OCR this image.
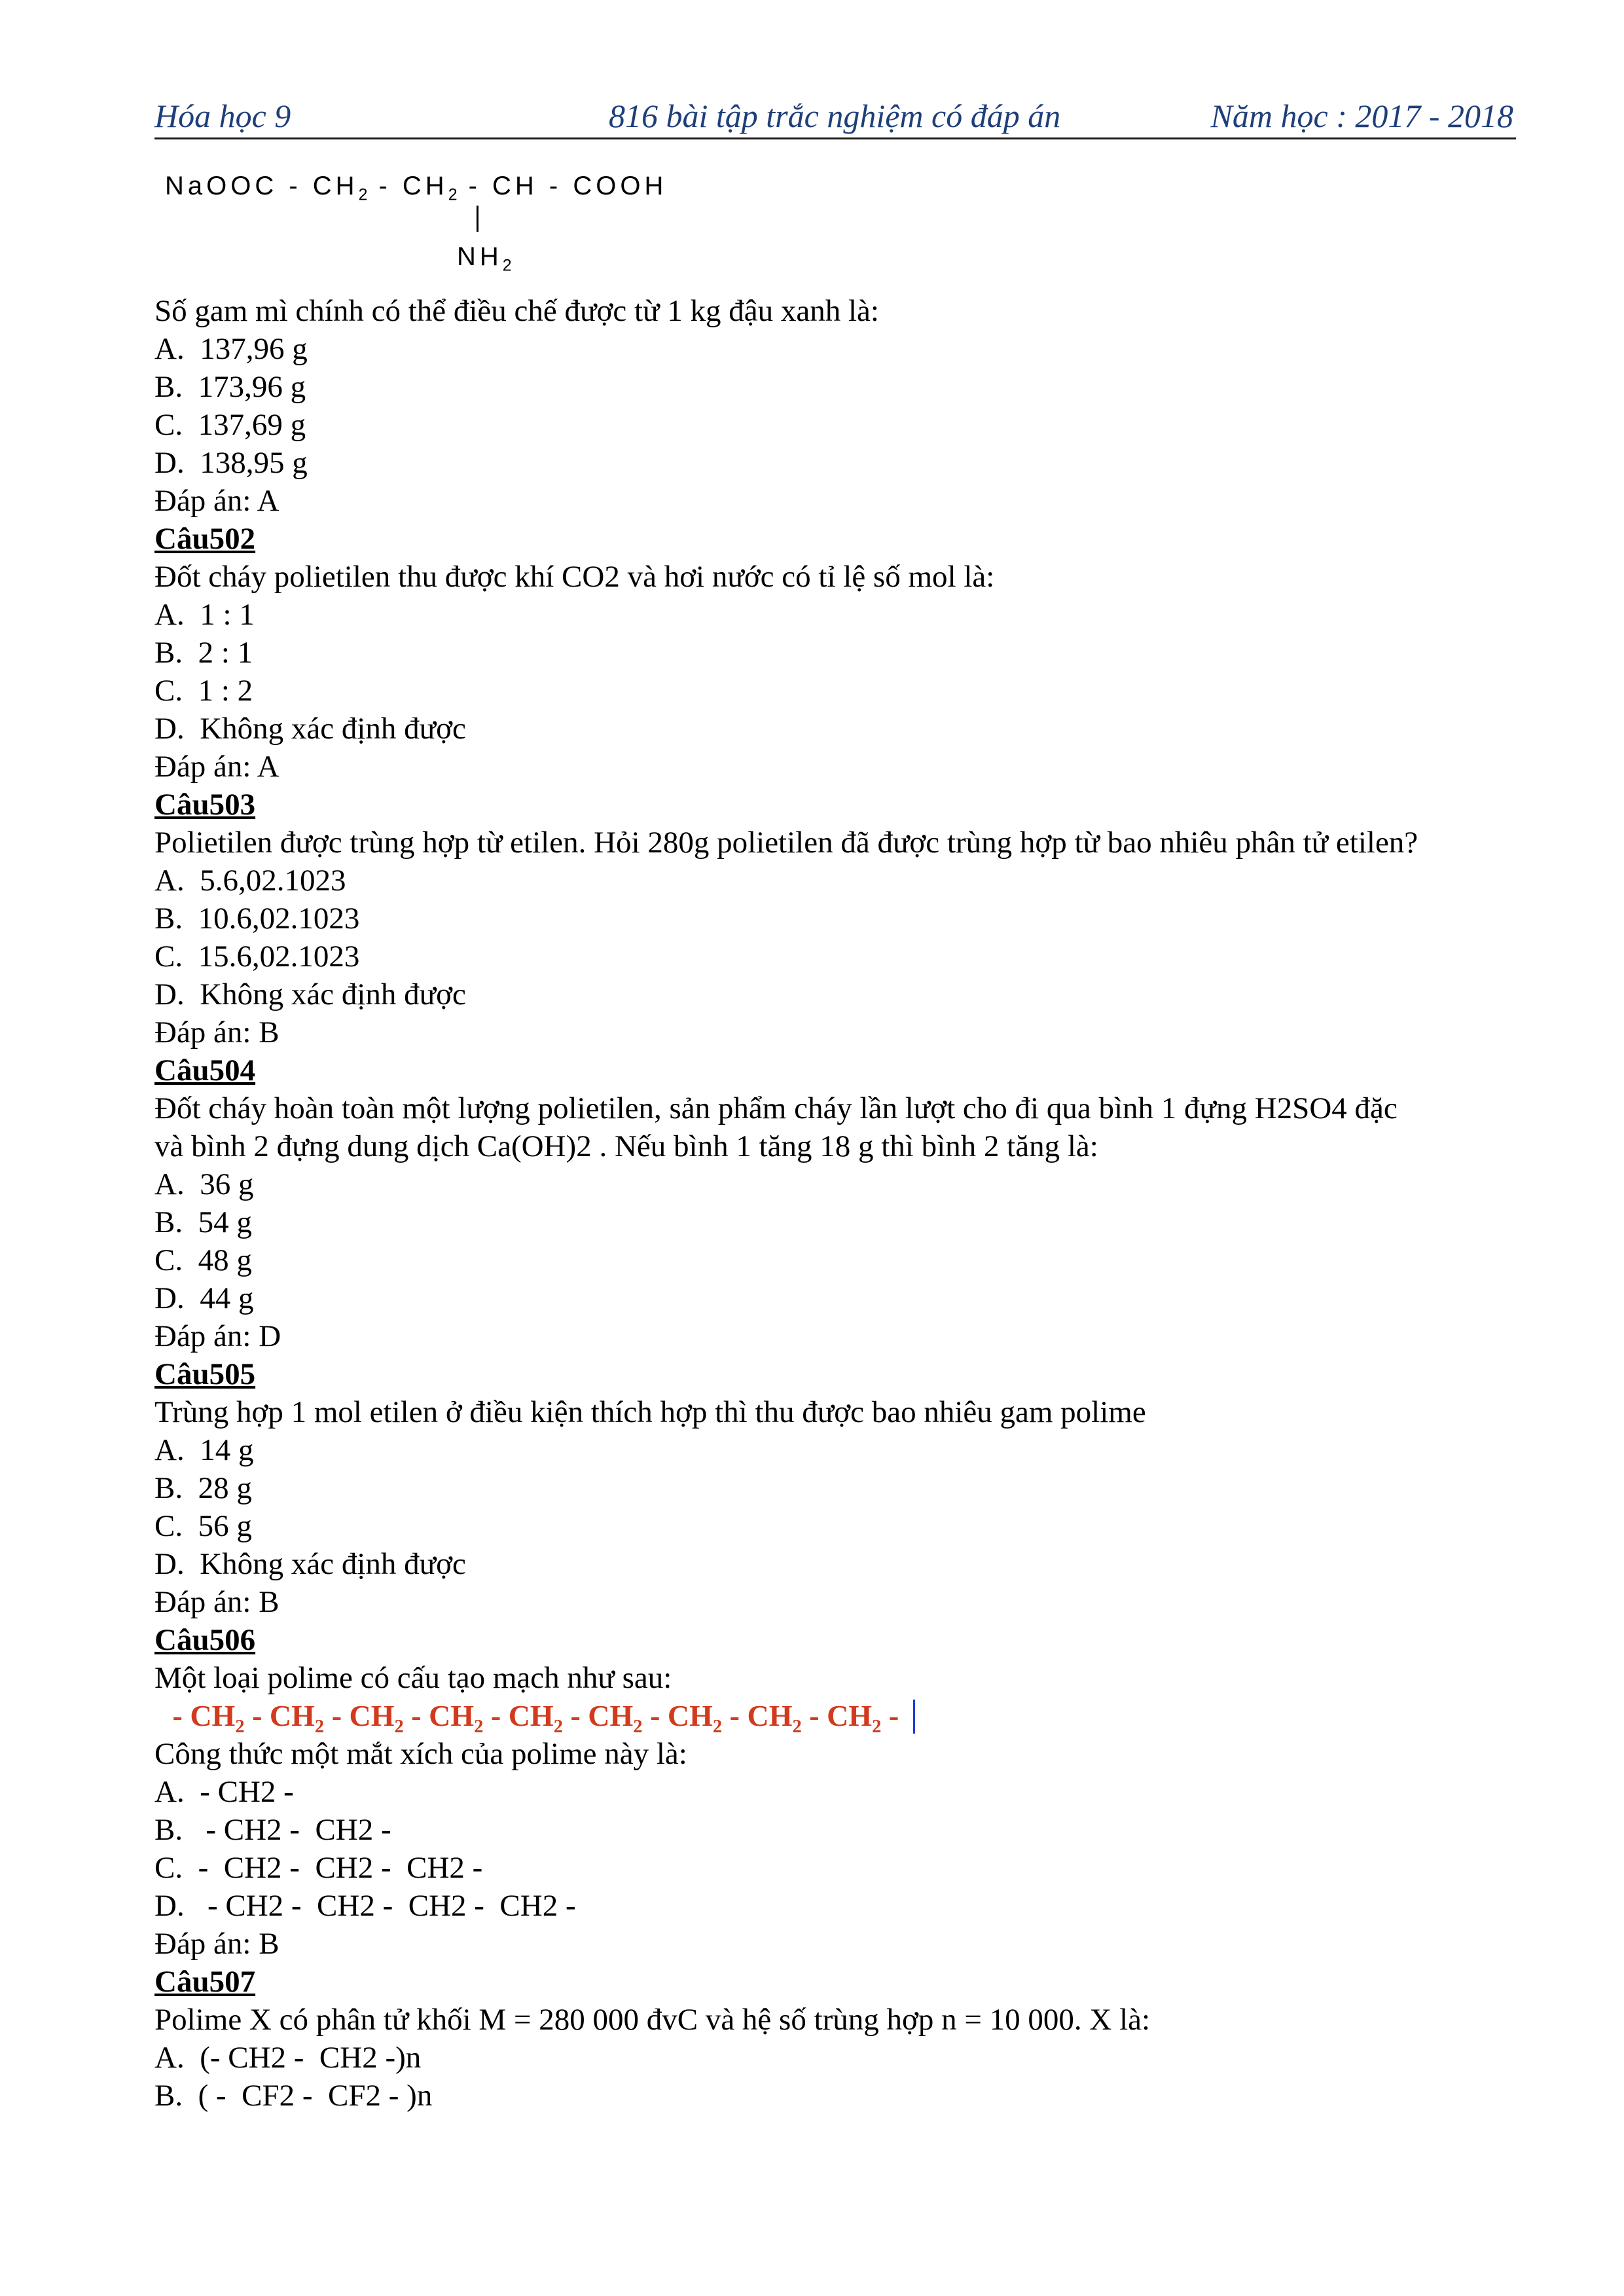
Hóa học 9	816 bài tập trắc nghiệm có đáp án	Năm học : 2017 - 2018
NaOOC - $CH_2 - CH_2$ - CH - COOH
$NH_2$
Số gam mì chính có thể điều chế được từ 1 kg đậu xanh là:
A.  137,96 g
B.  173,96 g
C.  137,69 g
D.  138,95 g
Đáp án: A
Câu502
Đốt cháy polietilen thu được khí CO2 và hơi nước có tỉ lệ số mol là:
A.  1 : 1
B.  2 : 1
C.  1 : 2
D.  Không xác định được
Đáp án: A
Câu503
Polietilen được trùng hợp từ etilen. Hỏi 280g polietilen đã được trùng hợp từ bao nhiêu phân tử etilen?
A.  5.6,02.1023
B.  10.6,02.1023
C.  15.6,02.1023
D.  Không xác định được
Đáp án: B
Câu504
Đốt cháy hoàn toàn một lượng polietilen, sản phẩm cháy lần lượt cho đi qua bình 1 đựng H2SO4 đặc
và bình 2 đựng dung dịch Ca(OH)2 . Nếu bình 1 tăng 18 g thì bình 2 tăng là:
A.  36 g
B.  54 g
C.  48 g
D.  44 g
Đáp án: D
Câu505
Trùng hợp 1 mol etilen ở điều kiện thích hợp thì thu được bao nhiêu gam polime
A.  14 g
B.  28 g
C.  56 g
D.  Không xác định được
Đáp án: B
Câu506
Một loại polime có cấu tạo mạch như sau:
- $CH_2 - CH_2 - CH_2 - CH_2 - CH_2 - CH_2 - CH_2 - CH_2 - CH_2$ -
Công thức một mắt xích của polime này là:
A.  - CH2 -
B.   - CH2 -  CH2 -
C.  -  CH2 -  CH2 -  CH2 -
D.   - CH2 -  CH2 -  CH2 -  CH2 -
Đáp án: B
Câu507
Polime X có phân tử khối M = 280 000 đvC và hệ số trùng hợp n = 10 000. X là:
A.  (- CH2 -  CH2 -)n
B.  ( -  CF2 -  CF2 - )n
